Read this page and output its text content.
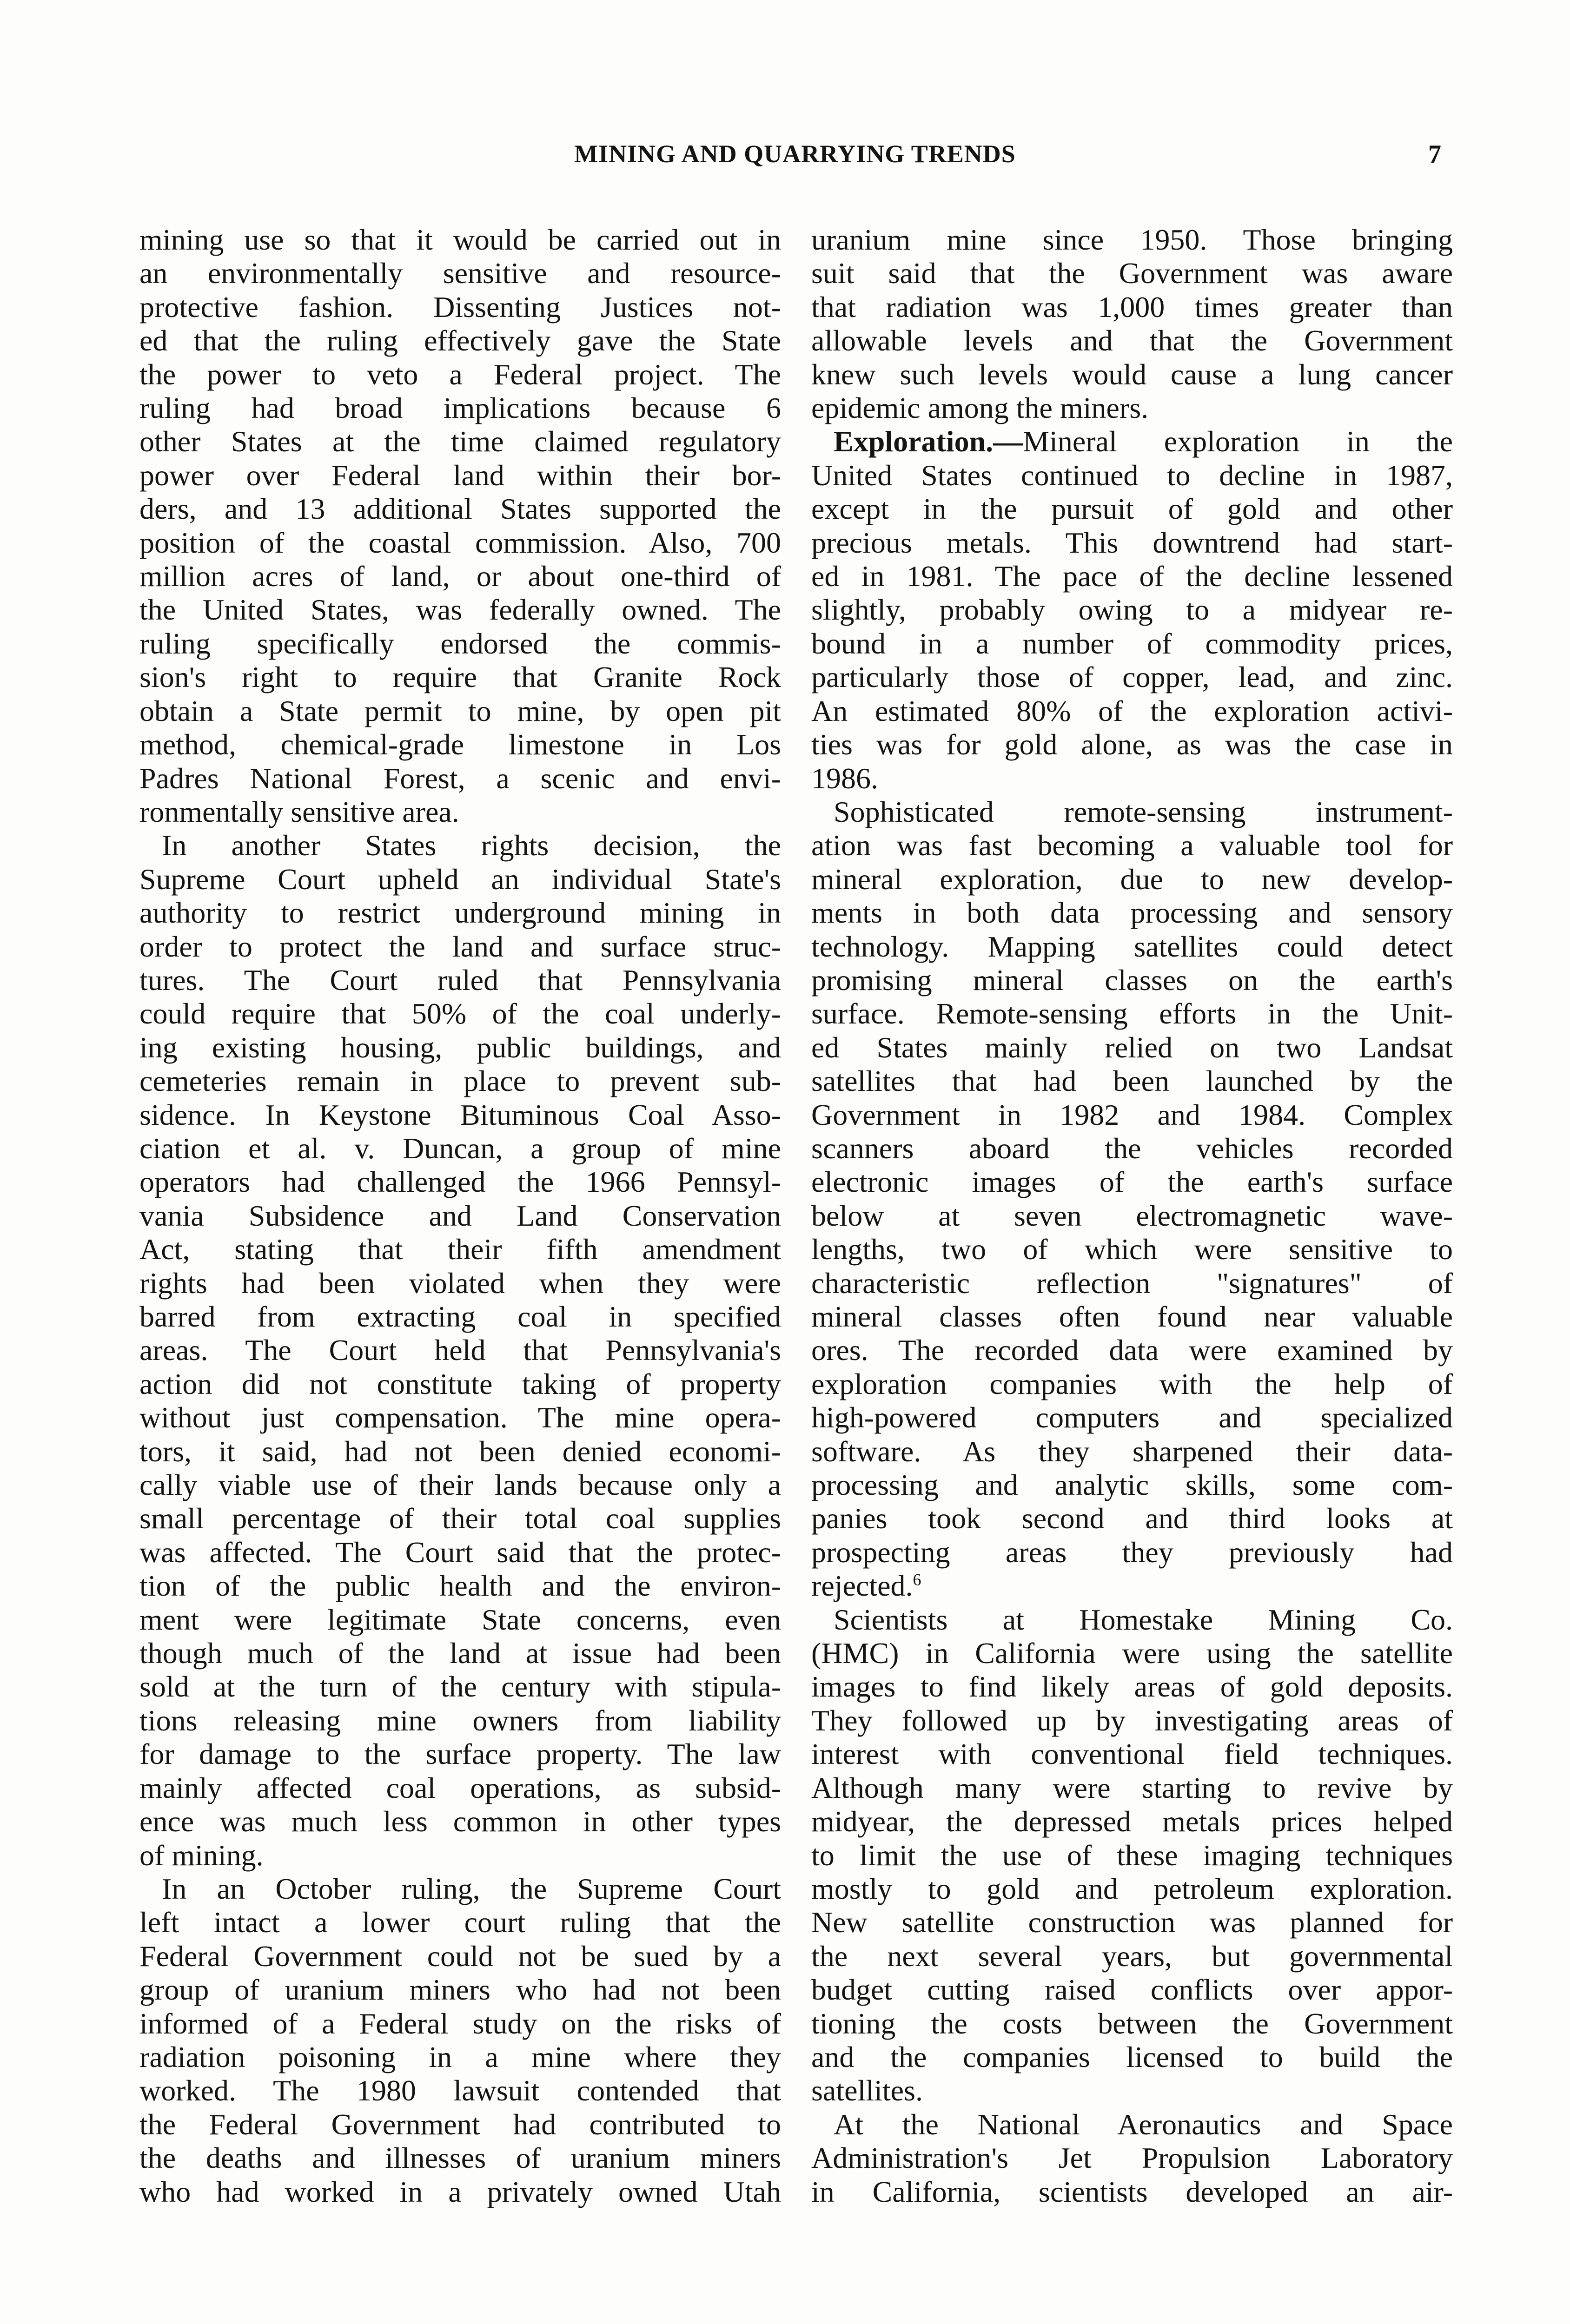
MINING AND QUARRYING TRENDS	7

mining use so that it would be carried out in

an environmentally sensitive and resource-

protective fashion. Dissenting Justices not-

ed that the ruling effectively gave the State

the power to veto a Federal project. The

ruling had broad implications because 6

other States at the time claimed regulatory

power over Federal land within their bor-

ders, and 13 additional States supported the

position of the coastal commission. Also, 700

million acres of land, or about one-third of

the United States, was federally owned. The

ruling specifically endorsed the commis-

sion's right to require that Granite Rock

obtain a State permit to mine, by open pit

method, chemical-grade limestone in Los

Padres National Forest, a scenic and envi-

ronmentally sensitive area.

In another States rights decision, the

Supreme Court upheld an individual State's

authority to restrict underground mining in

order to protect the land and surface struc-

tures. The Court ruled that Pennsylvania

could require that 50% of the coal underly-

ing existing housing, public buildings, and

cemeteries remain in place to prevent sub-

sidence. In Keystone Bituminous Coal Asso-

ciation et al. v. Duncan, a group of mine

operators had challenged the 1966 Pennsyl-

vania Subsidence and Land Conservation

Act, stating that their fifth amendment

rights had been violated when they were

barred from extracting coal in specified

areas. The Court held that Pennsylvania's

action did not constitute taking of property

without just compensation. The mine opera-

tors, it said, had not been denied economi-

cally viable use of their lands because only a

small percentage of their total coal supplies

was affected. The Court said that the protec-

tion of the public health and the environ-

ment were legitimate State concerns, even

though much of the land at issue had been

sold at the turn of the century with stipula-

tions releasing mine owners from liability

for damage to the surface property. The law

mainly affected coal operations, as subsid-

ence was much less common in other types

of mining.

In an October ruling, the Supreme Court

left intact a lower court ruling that the

Federal Government could not be sued by a

group of uranium miners who had not been

informed of a Federal study on the risks of

radiation poisoning in a mine where they

worked. The 1980 lawsuit contended that

the Federal Government had contributed to

the deaths and illnesses of uranium miners

who had worked in a privately owned Utah

uranium mine since 1950. Those bringing

suit said that the Government was aware

that radiation was 1,000 times greater than

allowable levels and that the Government

knew such levels would cause a lung cancer

epidemic among the miners.

Exploration.—Mineral exploration in the

United States continued to decline in 1987,

except in the pursuit of gold and other

precious metals. This downtrend had start-

ed in 1981. The pace of the decline lessened

slightly, probably owing to a midyear re-

bound in a number of commodity prices,

particularly those of copper, lead, and zinc.

An estimated 80% of the exploration activi-

ties was for gold alone, as was the case in

1986.

Sophisticated remote-sensing instrument-

ation was fast becoming a valuable tool for

mineral exploration, due to new develop-

ments in both data processing and sensory

technology. Mapping satellites could detect

promising mineral classes on the earth's

surface. Remote-sensing efforts in the Unit-

ed States mainly relied on two Landsat

satellites that had been launched by the

Government in 1982 and 1984. Complex

scanners aboard the vehicles recorded

electronic images of the earth's surface

below at seven electromagnetic wave-

lengths, two of which were sensitive to

characteristic reflection "signatures" of

mineral classes often found near valuable

ores. The recorded data were examined by

exploration companies with the help of

high-powered computers and specialized

software. As they sharpened their data-

processing and analytic skills, some com-

panies took second and third looks at

prospecting areas they previously had

rejected.$^6$

Scientists at Homestake Mining Co.

(HMC) in California were using the satellite

images to find likely areas of gold deposits.

They followed up by investigating areas of

interest with conventional field techniques.

Although many were starting to revive by

midyear, the depressed metals prices helped

to limit the use of these imaging techniques

mostly to gold and petroleum exploration.

New satellite construction was planned for

the next several years, but governmental

budget cutting raised conflicts over appor-

tioning the costs between the Government

and the companies licensed to build the

satellites.

At the National Aeronautics and Space

Administration's Jet Propulsion Laboratory

in California, scientists developed an air-
